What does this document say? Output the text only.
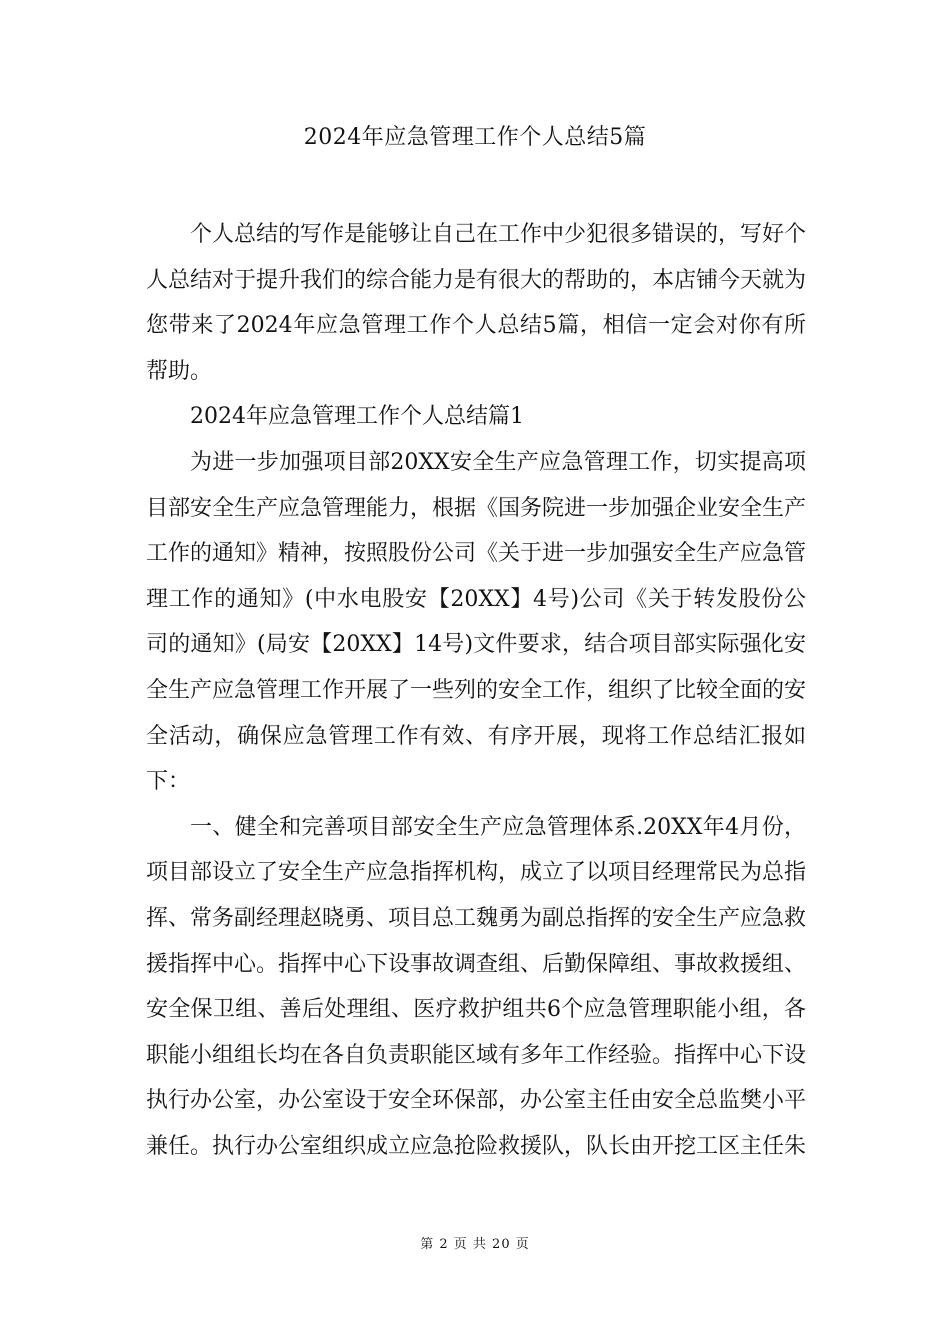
2024年应急管理工作个人总结5篇

个人总结的写作是能够让自己在工作中少犯很多错误的，写好个人总结对于提升我们的综合能力是有很大的帮助的，本店铺今天就为您带来了2024年应急管理工作个人总结5篇，相信一定会对你有所帮助。

2024年应急管理工作个人总结篇1

为进一步加强项目部20XX安全生产应急管理工作，切实提高项目部安全生产应急管理能力，根据《国务院进一步加强企业安全生产工作的通知》精神，按照股份公司《关于进一步加强安全生产应急管理工作的通知》(中水电股安【20XX】4号)公司《关于转发股份公司的通知》(局安【20XX】14号)文件要求，结合项目部实际强化安全生产应急管理工作开展了一些列的安全工作，组织了比较全面的安全活动，确保应急管理工作有效、有序开展，现将工作总结汇报如下：

一、健全和完善项目部安全生产应急管理体系.20XX年4月份，项目部设立了安全生产应急指挥机构，成立了以项目经理常民为总指挥、常务副经理赵晓勇、项目总工魏勇为副总指挥的安全生产应急救援指挥中心。指挥中心下设事故调查组、后勤保障组、事故救援组、安全保卫组、善后处理组、医疗救护组共6个应急管理职能小组，各职能小组组长均在各自负责职能区域有多年工作经验。指挥中心下设执行办公室，办公室设于安全环保部，办公室主任由安全总监樊小平兼任。执行办公室组织成立应急抢险救援队，队长由开挖工区主任朱

第 2 页 共 20 页
